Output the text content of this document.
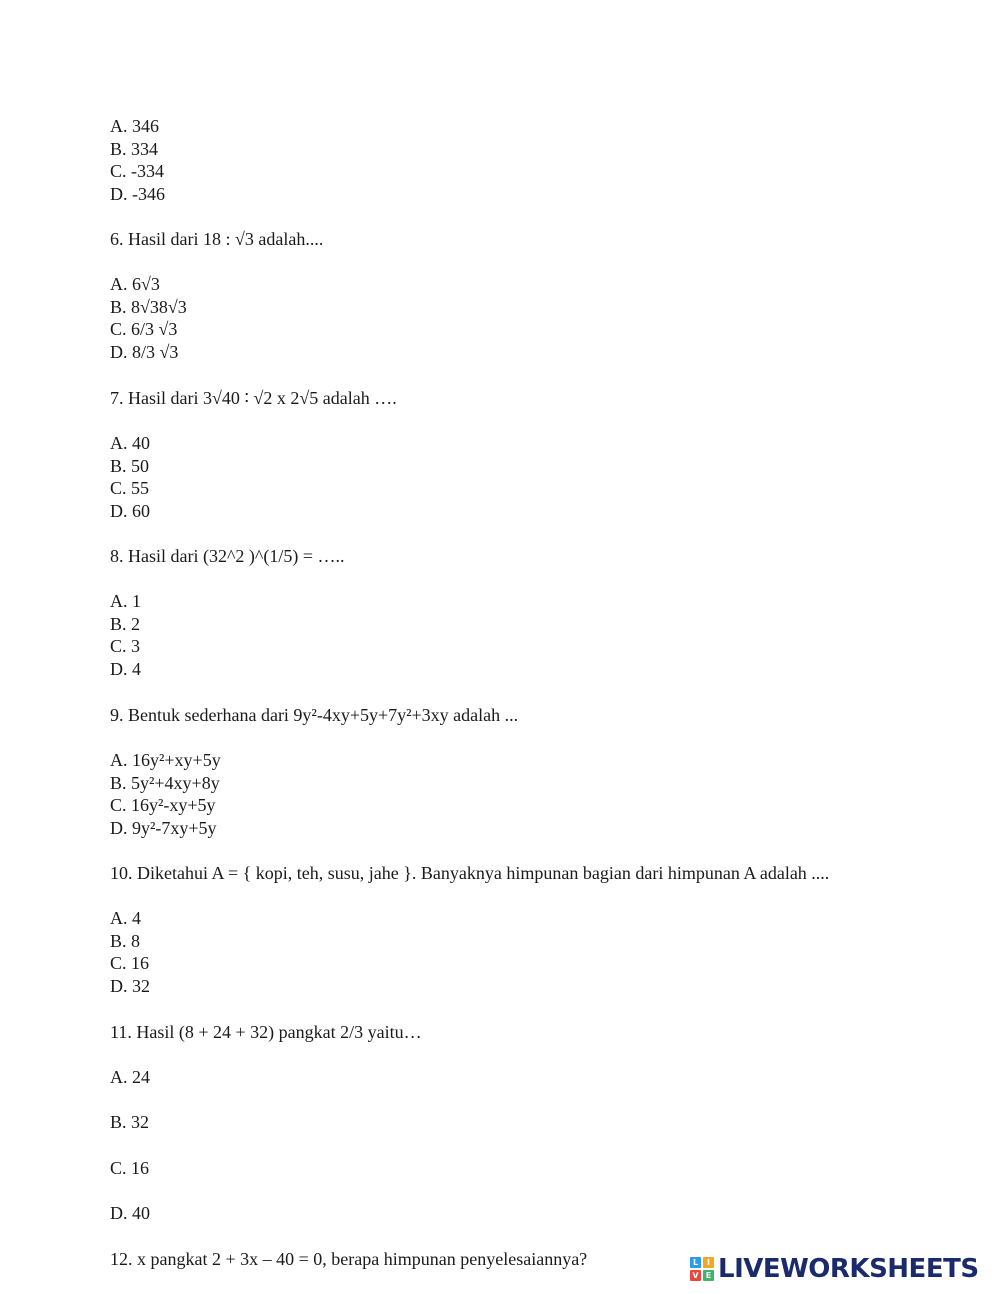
A. 346
B. 334
C. -334
D. -346
6. Hasil dari 18 : √3 adalah....
A. 6√3
B. 8√38√3
C. 6/3 √3
D. 8/3 √3
7. Hasil dari 3√40 ∶ √2 x 2√5 adalah ….
A. 40
B. 50
C. 55
D. 60
8. Hasil dari (32^2 )^(1/5) = …..
A. 1
B. 2
C. 3
D. 4
9. Bentuk sederhana dari 9y²-4xy+5y+7y²+3xy adalah ...
A. 16y²+xy+5y
B. 5y²+4xy+8y
C. 16y²-xy+5y
D. 9y²-7xy+5y
10. Diketahui A = { kopi, teh, susu, jahe }. Banyaknya himpunan bagian dari himpunan A adalah ....
A. 4
B. 8
C. 16
D. 32
11. Hasil (8 + 24 + 32) pangkat 2/3 yaitu…
A. 24
B. 32
C. 16
D. 40
12. x pangkat 2 + 3x – 40 = 0, berapa himpunan penyelesaiannya?	L	I
V E LIVEWORKSHEETS
